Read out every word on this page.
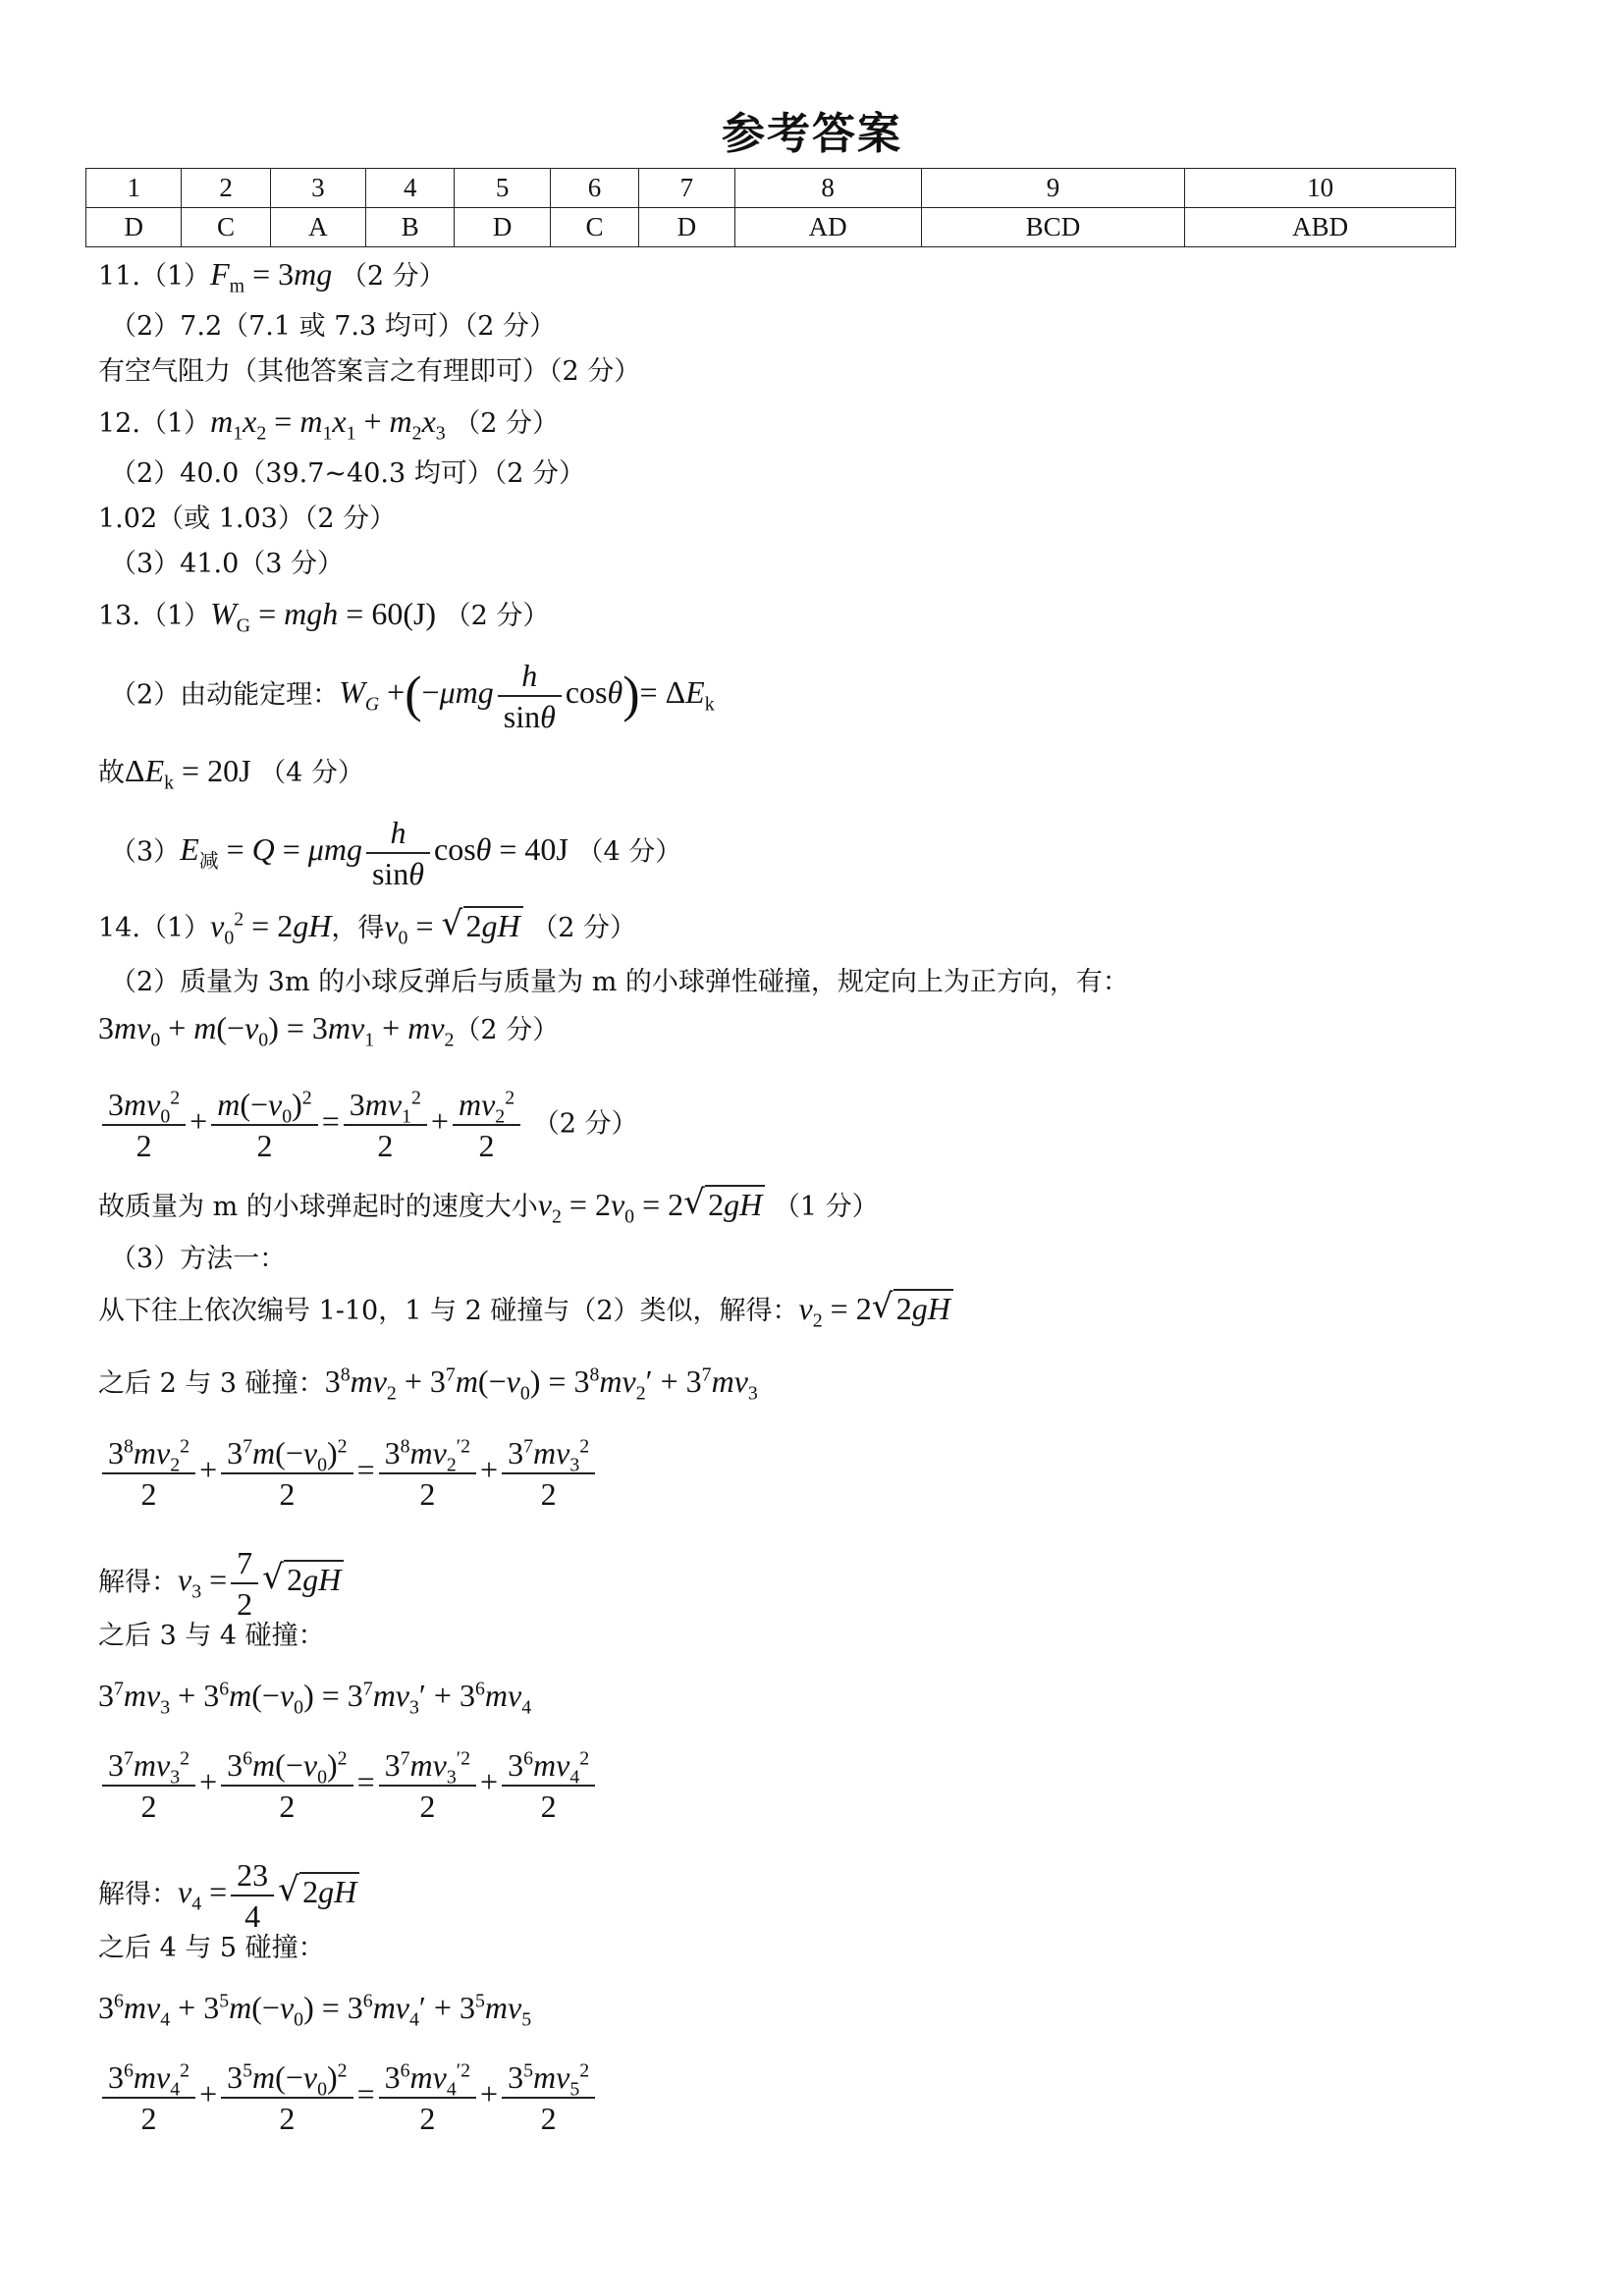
参考答案
1	2	3	4	5	6	7	8	9	10
D	C	A	B	D	C	D	AD	BCD	ABD
$11.(1)F_m = 3mg$ （2 分）
（2）7.2（7.1 或 7.3 均可）（2 分）
有空气阻力（其他答案言之有理即可）（2 分）
$12.(1)m_1x_2 = m_1x_1 + m_2x_3$ （2 分）
（2）40.0（39.7~40.3 均可）（2 分）
1.02（或 1.03）（2 分）
（3）41.0（3 分）
$13.(1)W_G$ = mgh = 60(J) （2 分）
（2）由动能定理：$W_G +(-\mu mg \frac{h}{\sin\theta} \cos\theta)= \Delta E_k$
故$\Delta E_k = 20J$ （4 分）
$(3)E_减 = Q = \mu mg \frac{h}{\sin\theta}$ cosθ = 40J （4 分）
$14.(1)v_0^2 = 2gH$，得$v_0$ = √ 2gH （2 分）
（2）质量为 3m 的小球反弹后与质量为 m 的小球弹性碰撞，规定向上为正方向，有：
$3mv_0 + m(-v_0) = 3mv_1 + mv_2(2$ 分）
$\frac{3mv_0^2}{2} + \frac{m(-v_0)^2}{2} = \frac{3mv_1^2}{2} + \frac{mv_2^2}{2} (2$ 分）
故质量为 m 的小球弹起时的速度大小$v_2 = 2v_0 = 2$ √ 2gH （1 分）
（3）方法一：
从下往上依次编号 1-10，1 与 2 碰撞与（2）类似，解得：$v_2 = 2$ √ 2gH
之后 2 与 3 碰撞：$3^8mv_2 + 3^7m(-v_0) = 3^8mv_2' + 3^7mv_3$
$\frac{3^8mv_2^2}{2} + \frac{3^7m(-v_0)^2}{2} = \frac{3^8mv_2^{'2}}{2} + \frac{3^7mv_3^2}{2}$
解得：$v_3 = \frac{7}{2}$ √ 2gH
之后 3 与 4 碰撞：
$3^7mv_3 + 3^6m(-v_0) = 3^7mv_3' + 3^6mv_4$
$\frac{3^7mv_3^2}{2} + \frac{3^6m(-v_0)^2}{2} = \frac{3^7mv_3^{'2}}{2} + \frac{3^6mv_4^2}{2}$
解得：$v_4 = \frac{23}{4}$ √ 2gH
之后 4 与 5 碰撞：
$3^6mv_4 + 3^5m(-v_0) = 3^6mv_4' + 3^5mv_5$
$\frac{3^6mv_4^2}{2} + \frac{3^5m(-v_0)^2}{2} = \frac{3^6mv_4^{'2}}{2} + \frac{3^5mv_5^2}{2}$
